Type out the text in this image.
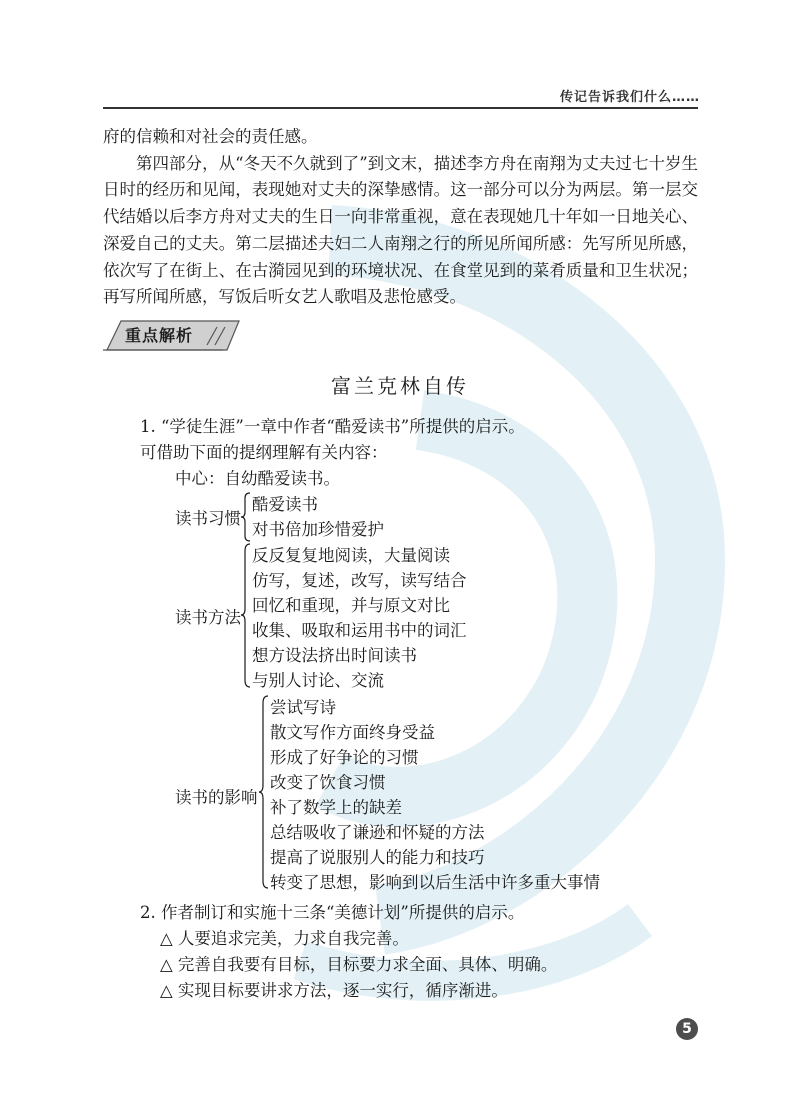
传记告诉我们什么……

府的信赖和对社会的责任感。

第四部分，从“冬天不久就到了”到文末，描述李方舟在南翔为丈夫过七十岁生日时的经历和见闻，表现她对丈夫的深挚感情。这一部分可以分为两层。第一层交代结婚以后李方舟对丈夫的生日一向非常重视，意在表现她几十年如一日地关心、深爱自己的丈夫。第二层描述夫妇二人南翔之行的所见所闻所感：先写所见所感，依次写了在街上、在古漪园见到的环境状况、在食堂见到的菜肴质量和卫生状况；再写所闻所感，写饭后听女艺人歌唱及悲怆感受。

重点解析
富兰克林自传
1. “学徒生涯”一章中作者“酷爱读书”所提供的启示。
可借助下面的提纲理解有关内容：
中心：自幼酷爱读书。
读书习惯
酷爱读书
对书倍加珍惜爱护
读书方法
反反复复地阅读，大量阅读
仿写，复述，改写，读写结合
回忆和重现，并与原文对比
收集、吸取和运用书中的词汇
想方设法挤出时间读书
与别人讨论、交流
读书的影响
尝试写诗
散文写作方面终身受益
形成了好争论的习惯
改变了饮食习惯
补了数学上的缺差
总结吸收了谦逊和怀疑的方法
提高了说服别人的能力和技巧
转变了思想，影响到以后生活中许多重大事情
2. 作者制订和实施十三条“美德计划”所提供的启示。
△ 人要追求完美，力求自我完善。
△ 完善自我要有目标，目标要力求全面、具体、明确。
△ 实现目标要讲求方法，逐一实行，循序渐进。
5
